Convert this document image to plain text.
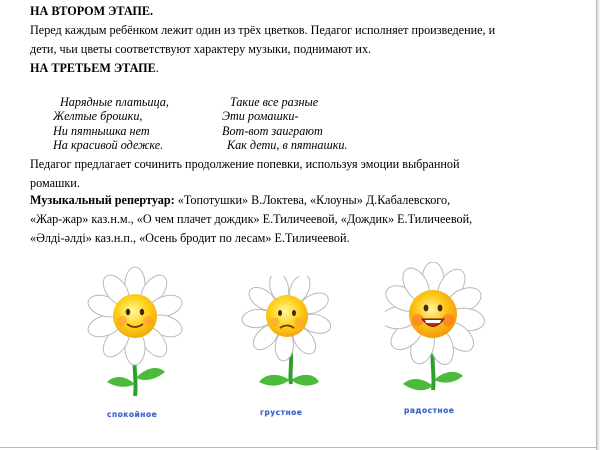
НА ВТОРОМ ЭТАПЕ.
Перед каждым ребёнком лежит один из трёх цветков. Педагог исполняет произведение, и
дети, чьи цветы соответствуют характеру музыки, поднимают их.
НА ТРЕТЬЕМ ЭТАПЕ.
Нарядные платьица,
Желтые брошки,
Ни пятнышка нет
На красивой одежке.
Такие все разные
Эти ромашки-
Вот-вот заиграют
Как дети, в пятнашки.
Педагог предлагает сочинить продолжение попевки, используя эмоции выбранной
ромашки.
Музыкальный репертуар: «Топотушки» В.Локтева, «Клоуны» Д.Кабалевского,
«Жар-жар» каз.н.м., «О чем плачет дождик» Е.Тиличеевой, «Дождик» Е.Тиличеевой,
«Әлді-әлді» каз.н.п., «Осень бродит по лесам» Е.Тиличеевой.
спокойное	грустное	радостное
